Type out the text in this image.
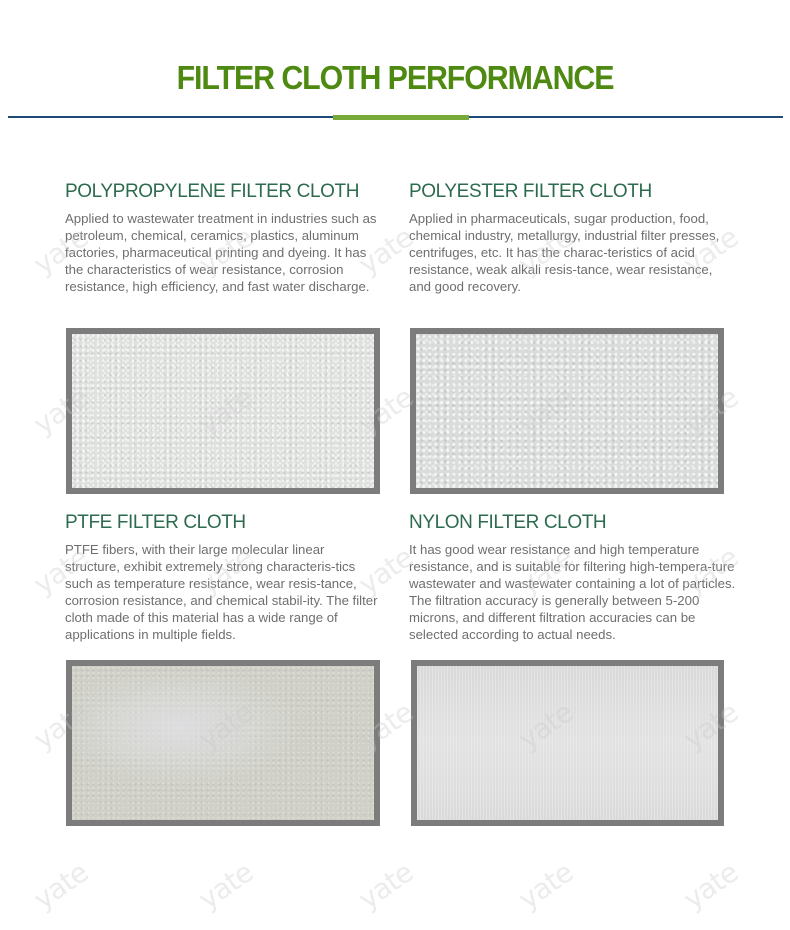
FILTER CLOTH PERFORMANCE
POLYPROPYLENE FILTER CLOTH

Applied to wastewater treatment in industries such as petroleum, chemical, ceramics, plastics, aluminum factories, pharmaceutical printing and dyeing. It has the characteristics of wear resistance, corrosion resistance, high efficiency, and fast water discharge.

POLYESTER FILTER CLOTH

Applied in pharmaceuticals, sugar production, food, chemical industry, metallurgy, industrial filter presses, centrifuges, etc. It has the charac-teristics of acid resistance, weak alkali resis-tance, wear resistance, and good recovery.

PTFE FILTER CLOTH

PTFE fibers, with their large molecular linear structure, exhibit extremely strong characteris-tics such as temperature resistance, wear resis-tance, corrosion resistance, and chemical stabil-ity. The filter cloth made of this material has a wide range of applications in multiple fields.

NYLON FILTER CLOTH

It has good wear resistance and high temperature resistance, and is suitable for filtering high-tempera-ture wastewater and wastewater containing a lot of particles. The filtration accuracy is generally between 5-200 microns, and different filtration accuracies can be selected according to actual needs.

yate	yate	yate	yate	yate
yate	yate	yate	yate	yate
yate	yate	yate	yate	yate
yate	yate	yate	yate	yate
yate	yate	yate	yate	yate
